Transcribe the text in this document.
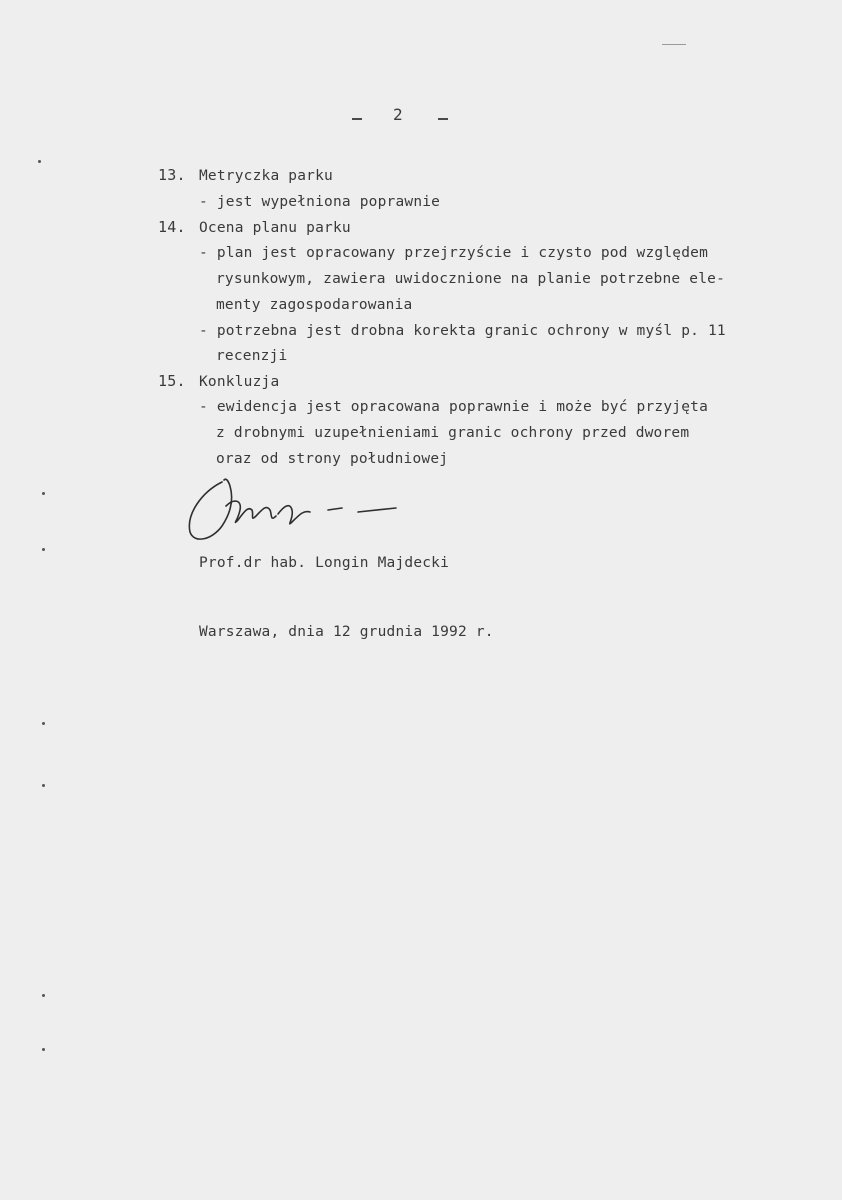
2
13. Metryczka parku
- jest wypełniona poprawnie
14. Ocena planu parku
- plan jest opracowany przejrzyście i czysto pod względem
rysunkowym, zawiera uwidocznione na planie potrzebne ele-
menty zagospodarowania
- potrzebna jest drobna korekta granic ochrony w myśl p. 11
recenzji
15. Konkluzja
- ewidencja jest opracowana poprawnie i może być przyjęta
z drobnymi uzupełnieniami granic ochrony przed dworem
oraz od strony południowej
Prof.dr hab. Longin Majdecki
Warszawa, dnia 12 grudnia 1992 r.
